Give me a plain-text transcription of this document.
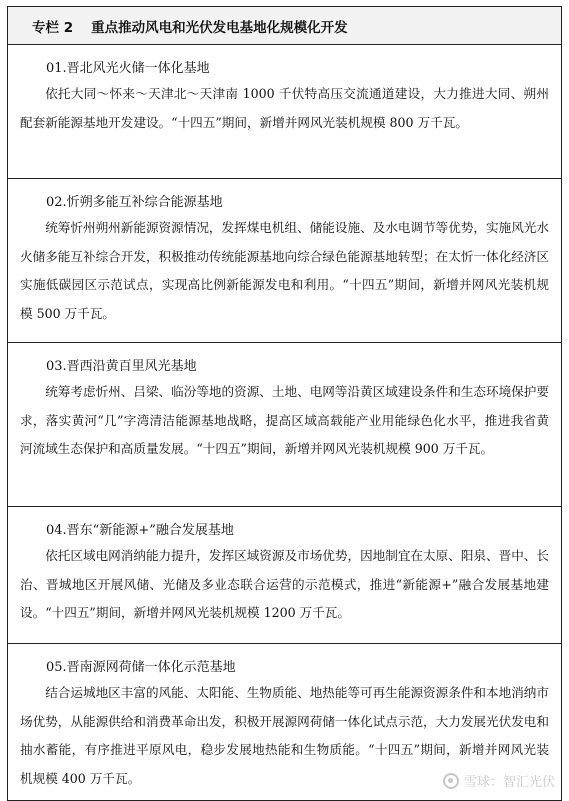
专栏 2 重点推动风电和光伏发电基地化规模化开发
01.晋北风光火储一体化基地

依托大同～怀来～天津北～天津南 1000 千伏特高压交流通道建设，大力推进大同、朔州配套新能源基地开发建设。“十四五”期间，新增并网风光装机规模 800 万千瓦。

02.忻朔多能互补综合能源基地

统筹忻州朔州新能源资源情况，发挥煤电机组、储能设施、及水电调节等优势，实施风光水火储多能互补综合开发，积极推动传统能源基地向综合绿色能源基地转型；在太忻一体化经济区实施低碳园区示范试点，实现高比例新能源发电和利用。“十四五”期间，新增并网风光装机规模 500 万千瓦。

03.晋西沿黄百里风光基地

统筹考虑忻州、吕梁、临汾等地的资源、土地、电网等沿黄区域建设条件和生态环境保护要求，落实黄河“几”字湾清洁能源基地战略，提高区域高载能产业用能绿色化水平，推进我省黄河流域生态保护和高质量发展。“十四五”期间，新增并网风光装机规模 900 万千瓦。

04.晋东“新能源+”融合发展基地

依托区域电网消纳能力提升，发挥区域资源及市场优势，因地制宜在太原、阳泉、晋中、长治、晋城地区开展风储、光储及多业态联合运营的示范模式，推进“新能源+”融合发展基地建设。“十四五”期间，新增并网风光装机规模 1200 万千瓦。

05.晋南源网荷储一体化示范基地

结合运城地区丰富的风能、太阳能、生物质能、地热能等可再生能源资源条件和本地消纳市场优势，从能源供给和消费革命出发，积极开展源网荷储一体化试点示范，大力发展光伏发电和抽水蓄能，有序推进平原风电，稳步发展地热能和生物质能。“十四五”期间，新增并网风光装机规模 400 万千瓦。	雪球：智汇光伏
